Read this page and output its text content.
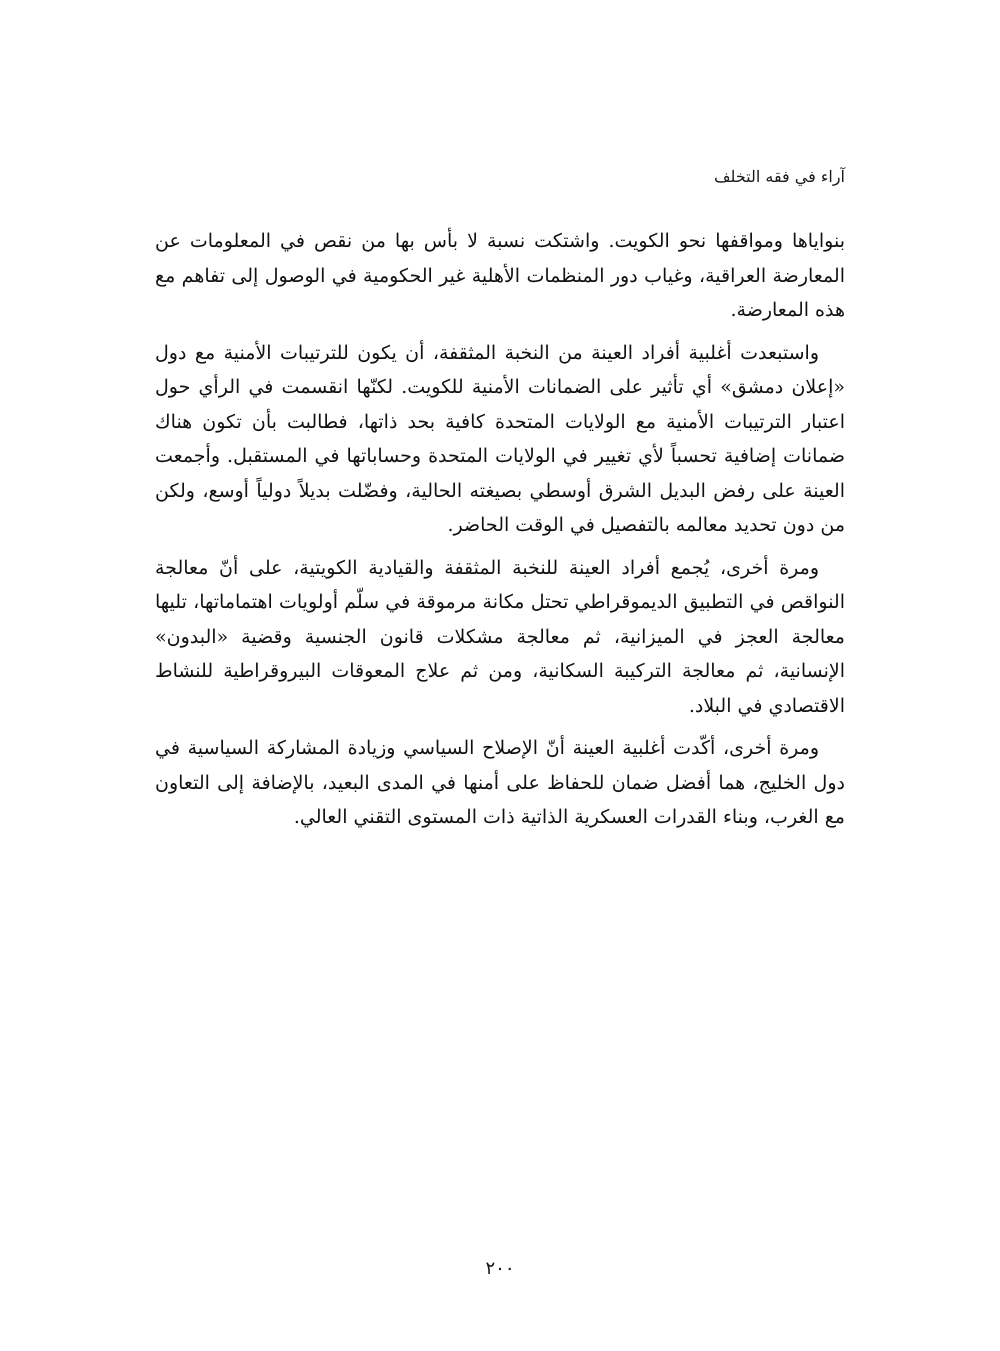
آراء في فقه التخلف

بنواياها ومواقفها نحو الكويت. واشتكت نسبة لا بأس بها من نقص في المعلومات عن المعارضة العراقية، وغياب دور المنظمات الأهلية غير الحكومية في الوصول إلى تفاهم مع هذه المعارضة.

واستبعدت أغلبية أفراد العينة من النخبة المثقفة، أن يكون للترتيبات الأمنية مع دول «إعلان دمشق» أي تأثير على الضمانات الأمنية للكويت. لكنّها انقسمت في الرأي حول اعتبار الترتيبات الأمنية مع الولايات المتحدة كافية بحد ذاتها، فطالبت بأن تكون هناك ضمانات إضافية تحسباً لأي تغيير في الولايات المتحدة وحساباتها في المستقبل. وأجمعت العينة على رفض البديل الشرق أوسطي بصيغته الحالية، وفضّلت بديلاً دولياً أوسع، ولكن من دون تحديد معالمه بالتفصيل في الوقت الحاضر.

ومرة أخرى، يُجمع أفراد العينة للنخبة المثقفة والقيادية الكويتية، على أنّ معالجة النواقص في التطبيق الديموقراطي تحتل مكانة مرموقة في سلّم أولويات اهتماماتها، تليها معالجة العجز في الميزانية، ثم معالجة مشكلات قانون الجنسية وقضية «البدون» الإنسانية، ثم معالجة التركيبة السكانية، ومن ثم علاج المعوقات البيروقراطية للنشاط الاقتصادي في البلاد.

ومرة أخرى، أكّدت أغلبية العينة أنّ الإصلاح السياسي وزيادة المشاركة السياسية في دول الخليج، هما أفضل ضمان للحفاظ على أمنها في المدى البعيد، بالإضافة إلى التعاون مع الغرب، وبناء القدرات العسكرية الذاتية ذات المستوى التقني العالي.

٢٠٠
